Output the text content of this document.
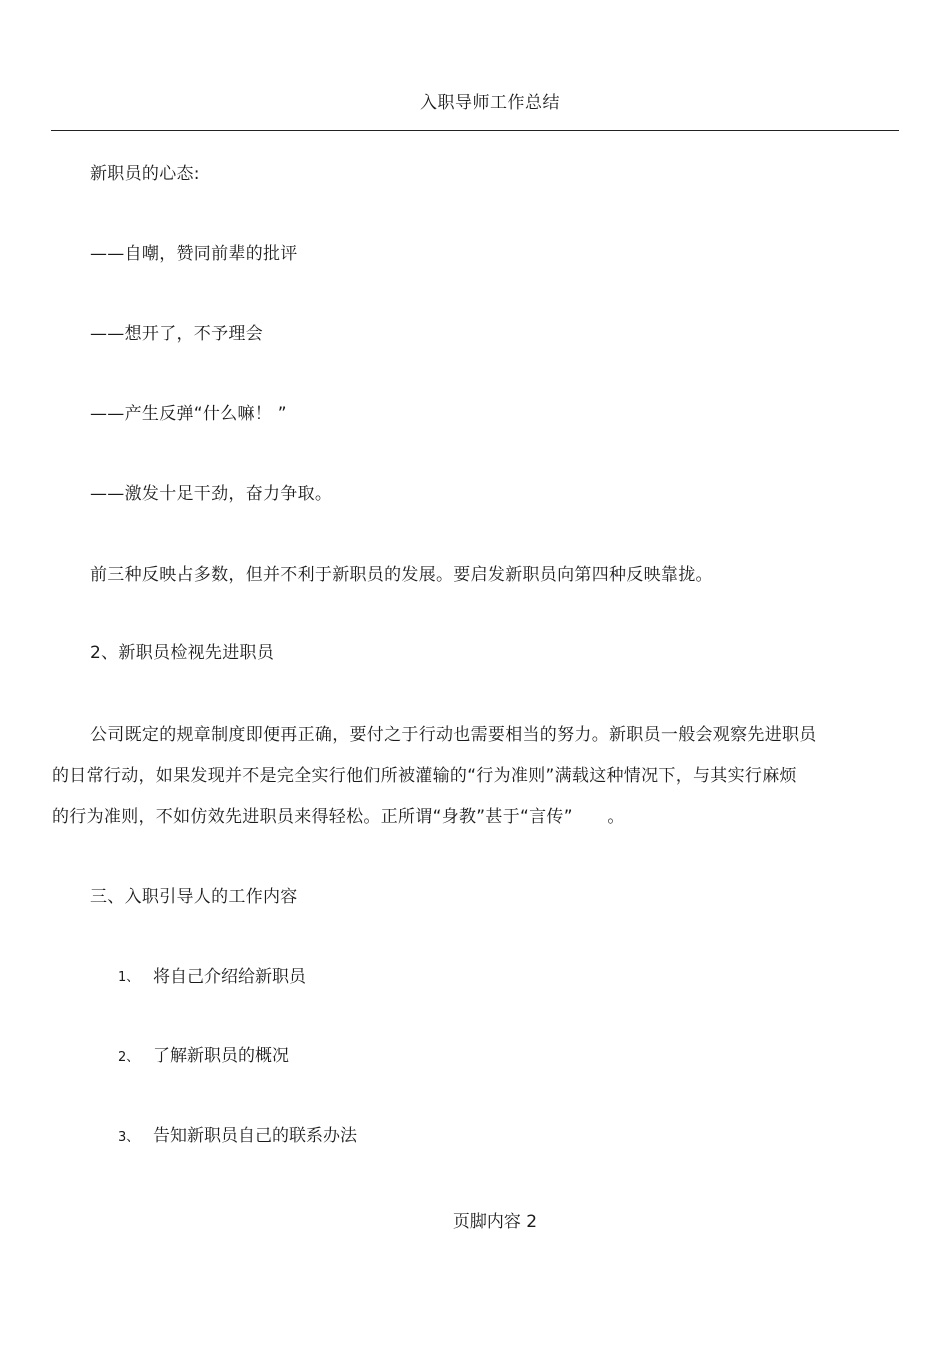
入职导师工作总结
新职员的心态:
——自嘲，赞同前辈的批评
——想开了，不予理会
——产生反弹“什么嘛！ ”
——激发十足干劲，奋力争取。
前三种反映占多数，但并不利于新职员的发展。要启发新职员向第四种反映靠拢。
2、新职员检视先进职员
公司既定的规章制度即便再正确，要付之于行动也需要相当的努力。新职员一般会观察先进职员
的日常行动，如果发现并不是完全实行他们所被灌输的“行为准则”满载这种情况下，与其实行麻烦
的行为准则，不如仿效先进职员来得轻松。正所谓“身教”甚于“言传”　　。
三、入职引导人的工作内容
1、 将自己介绍给新职员
2、 了解新职员的概况
3、 告知新职员自己的联系办法
页脚内容 2
